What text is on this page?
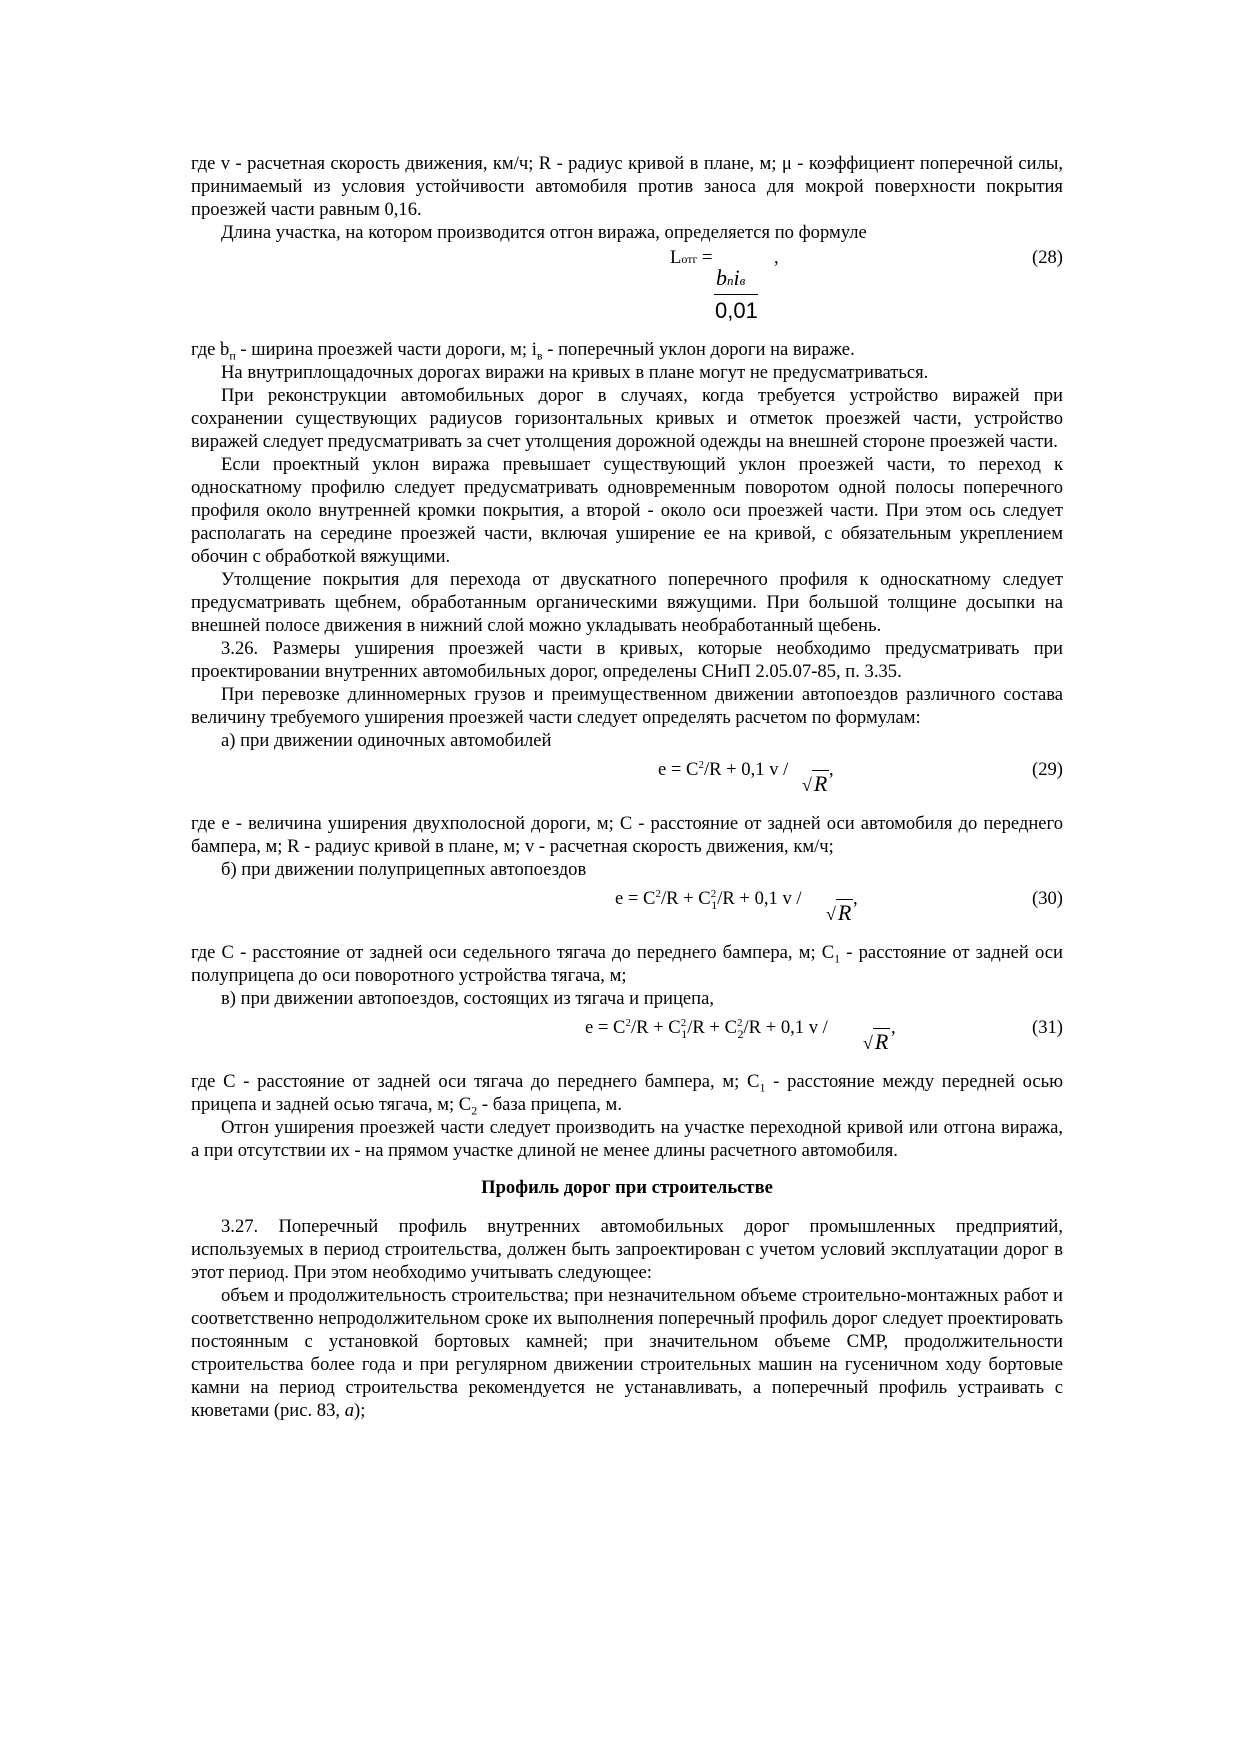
где v - расчетная скорость движения, км/ч; R - радиус кривой в плане, м; μ - коэффициент поперечной силы, принимаемый из условия устойчивости автомобиля против заноса для мокрой поверхности покрытия проезжей части равным 0,16.

Длина участка, на котором производится отгон виража, определяется по формуле

Lотг =	,
bniв
0,01
(28)

где $b_п$ - ширина проезжей части дороги, м; $i_в$ - поперечный уклон дороги на вираже.

На внутриплощадочных дорогах виражи на кривых в плане могут не предусматриваться.

При реконструкции автомобильных дорог в случаях, когда требуется устройство виражей при сохранении существующих радиусов горизонтальных кривых и отметок проезжей части, устройство виражей следует предусматривать за счет утолщения дорожной одежды на внешней стороне проезжей части.

Если проектный уклон виража превышает существующий уклон проезжей части, то переход к односкатному профилю следует предусматривать одновременным поворотом одной полосы поперечного профиля около внутренней кромки покрытия, а второй - около оси проезжей части. При этом ось следует располагать на середине проезжей части, включая уширение ее на кривой, с обязательным укреплением обочин с обработкой вяжущими.

Утолщение покрытия для перехода от двускатного поперечного профиля к односкатному следует предусматривать щебнем, обработанным органическими вяжущими. При большой толщине досыпки на внешней полосе движения в нижний слой можно укладывать необработанный щебень.

3.26. Размеры уширения проезжей части в кривых, которые необходимо предусматривать при проектировании внутренних автомобильных дорог, определены СНиП 2.05.07-85, п. 3.35.

При перевозке длинномерных грузов и преимущественном движении автопоездов различного состава величину требуемого уширения проезжей части следует определять расчетом по формулам:

а) при движении одиночных автомобилей

$e = C^2/R + 0,1$ v / ,
√R
(29)

где e - величина уширения двухполосной дороги, м; C - расстояние от задней оси автомобиля до переднего бампера, м; R - радиус кривой в плане, м; v - расчетная скорость движения, км/ч;

б) при движении полуприцепных автопоездов

$e = C^2/R + C^2_1/R + 0,1$ v /	,
√R
(30)

где C - расстояние от задней оси седельного тягача до переднего бампера, м; $C_1$ - расстояние от задней оси полуприцепа до оси поворотного устройства тягача, м;

в) при движении автопоездов, состоящих из тягача и прицепа,

$e = C^2/R + C^2_1/R + C^2_2/R + 0,1$ v /	,
√R
(31)

где C - расстояние от задней оси тягача до переднего бампера, м; $C_1$ - расстояние между передней осью прицепа и задней осью тягача, м; $C_2$ - база прицепа, м.

Отгон уширения проезжей части следует производить на участке переходной кривой или отгона виража, а при отсутствии их - на прямом участке длиной не менее длины расчетного автомобиля.

Профиль дорог при строительстве

3.27. Поперечный профиль внутренних автомобильных дорог промышленных предприятий, используемых в период строительства, должен быть запроектирован с учетом условий эксплуатации дорог в этот период. При этом необходимо учитывать следующее:

объем и продолжительность строительства; при незначительном объеме строительно-монтажных работ и соответственно непродолжительном сроке их выполнения поперечный профиль дорог следует проектировать постоянным с установкой бортовых камней; при значительном объеме СМР, продолжительности строительства более года и при регулярном движении строительных машин на гусеничном ходу бортовые камни на период строительства рекомендуется не устанавливать, а поперечный профиль устраивать с кюветами (рис. 83, а);
